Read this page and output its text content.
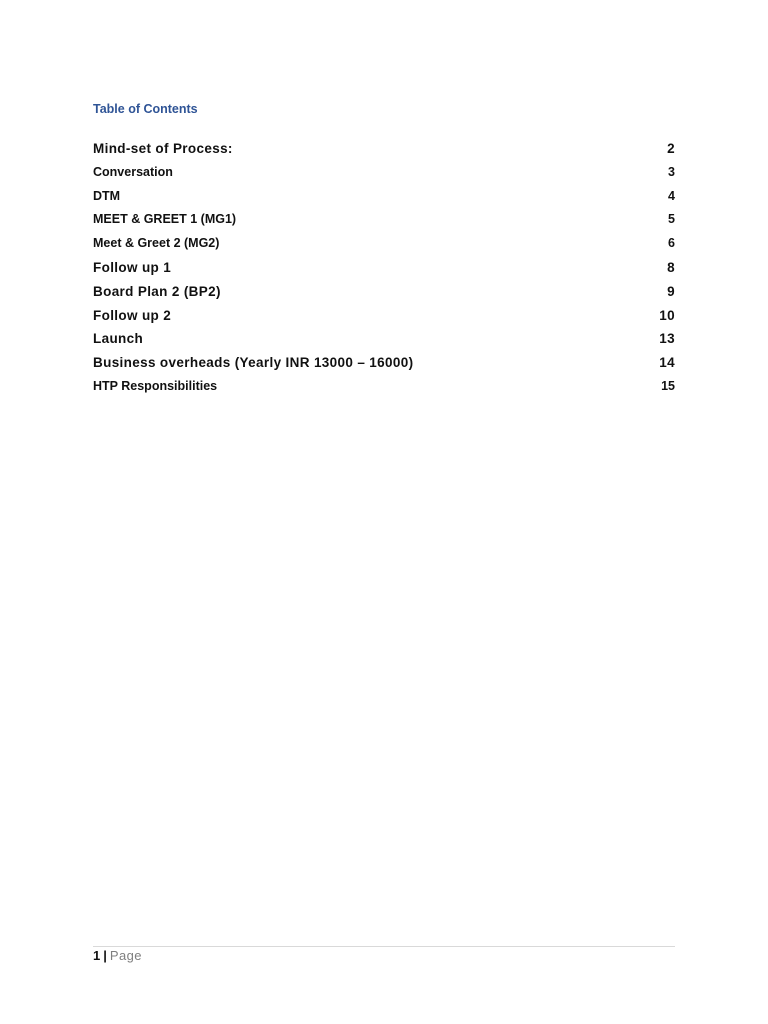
Table of Contents
Mind-set of Process:	2
Conversation	3
DTM	4
MEET & GREET 1 (MG1)	5
Meet & Greet 2 (MG2)	6
Follow up 1	8
Board Plan 2 (BP2)	9
Follow up 2	10
Launch	13
Business overheads (Yearly INR 13000 – 16000)	14
HTP Responsibilities	15
1 | Page
